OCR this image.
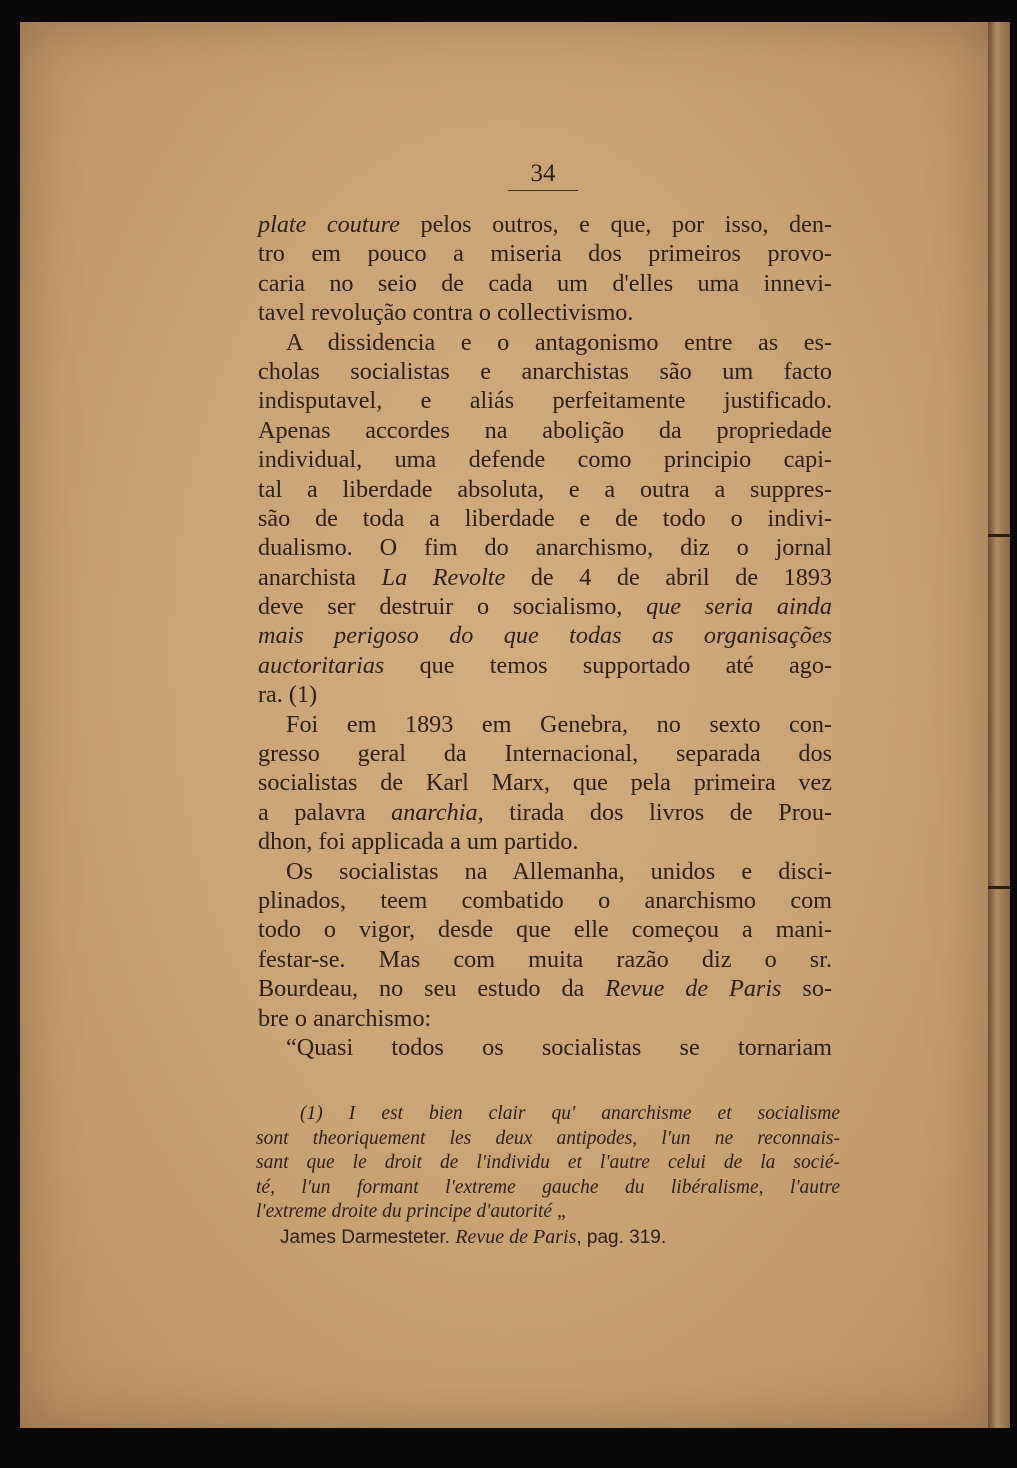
34
plate couture pelos outros, e que, por isso, den-
tro em pouco a miseria dos primeiros provo-
caria no seio de cada um d'elles uma innevi-
tavel revolução contra o collectivismo.
A dissidencia e o antagonismo entre as es-
cholas socialistas e anarchistas são um facto
indisputavel, e aliás perfeitamente justificado.
Apenas accordes na abolição da propriedade
individual, uma defende como principio capi-
tal a liberdade absoluta, e a outra a suppres-
são de toda a liberdade e de todo o indivi-
dualismo. O fim do anarchismo, diz o jornal
anarchista La Revolte de 4 de abril de 1893
deve ser destruir o socialismo, que seria ainda
mais perigoso do que todas as organisações
auctoritarias que temos supportado até ago-
ra. (1)
Foi em 1893 em Genebra, no sexto con-
gresso geral da Internacional, separada dos
socialistas de Karl Marx, que pela primeira vez
a palavra anarchia, tirada dos livros de Prou-
dhon, foi applicada a um partido.
Os socialistas na Allemanha, unidos e disci-
plinados, teem combatido o anarchismo com
todo o vigor, desde que elle começou a mani-
festar-se. Mas com muita razão diz o sr.
Bourdeau, no seu estudo da Revue de Paris so-
bre o anarchismo:
“Quasi todos os socialistas se tornariam
(1) I est bien clair qu' anarchisme et socialisme
sont theoriquement les deux antipodes, l'un ne reconnais-
sant que le droit de l'individu et l'autre celui de la socié-
té, l'un formant l'extreme gauche du libéralisme, l'autre
l'extreme droite du principe d'autorité „
James Darmesteter. Revue de Paris, pag. 319.
